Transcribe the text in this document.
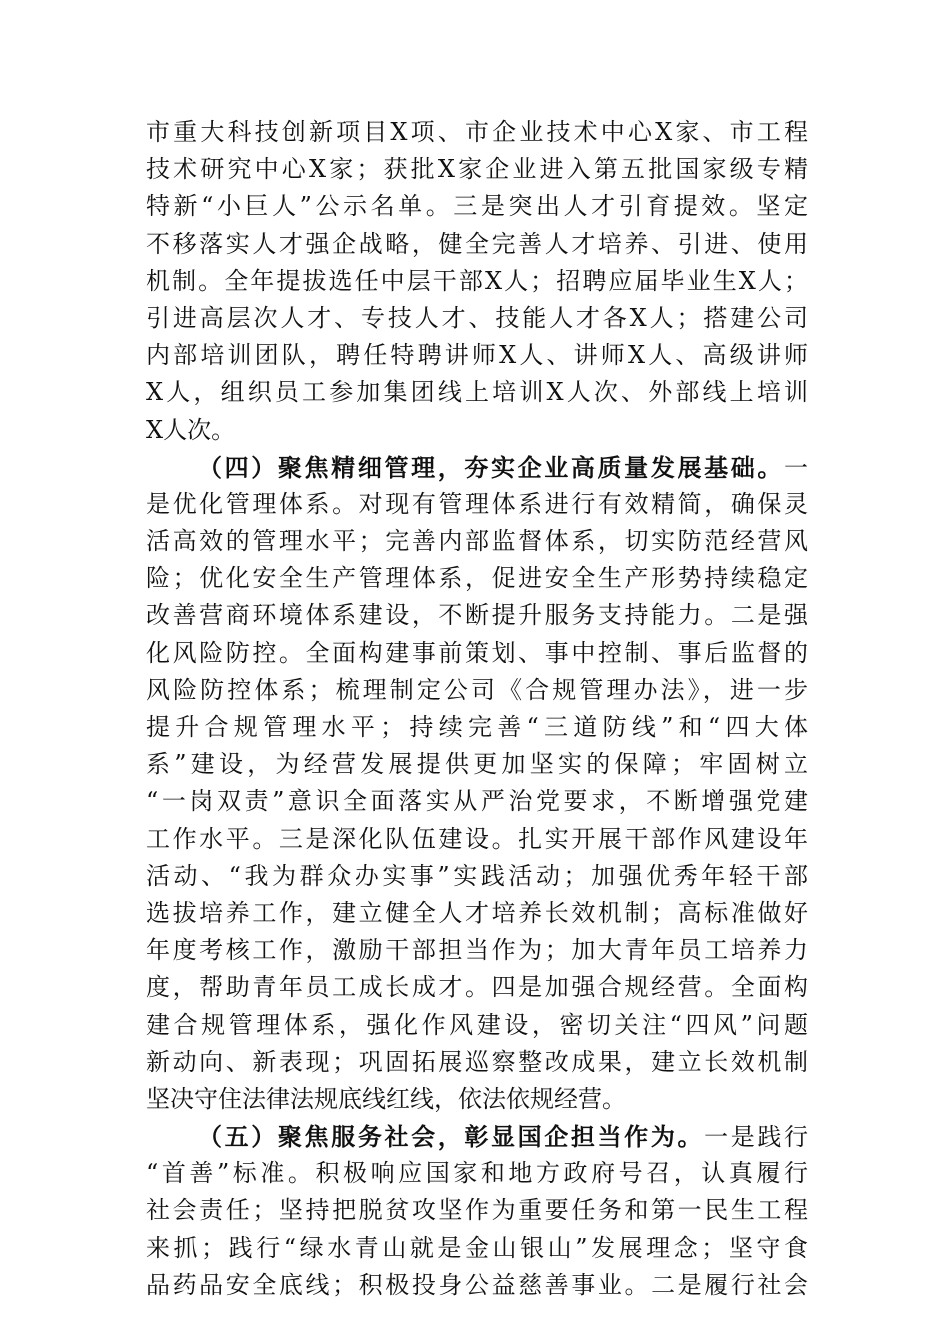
市重大科技创新项目X项、市企业技术中心X家、市工程
技术研究中心X家；获批X家企业进入第五批国家级专精
特新“小巨人”公示名单。三是突出人才引育提效。坚定
不移落实人才强企战略，健全完善人才培养、引进、使用
机制。全年提拔选任中层干部X人；招聘应届毕业生X人；
引进高层次人才、专技人才、技能人才各X人；搭建公司
内部培训团队，聘任特聘讲师X人、讲师X人、高级讲师
X人，组织员工参加集团线上培训X人次、外部线上培训
X人次。
（四）聚焦精细管理，夯实企业高质量发展基础。一
是优化管理体系。对现有管理体系进行有效精简，确保灵
活高效的管理水平；完善内部监督体系，切实防范经营风
险；优化安全生产管理体系，促进安全生产形势持续稳定
改善营商环境体系建设，不断提升服务支持能力。二是强
化风险防控。全面构建事前策划、事中控制、事后监督的
风险防控体系；梳理制定公司《合规管理办法》，进一步
提升合规管理水平；持续完善“三道防线”和“四大体
系”建设，为经营发展提供更加坚实的保障；牢固树立
“一岗双责”意识全面落实从严治党要求，不断增强党建
工作水平。三是深化队伍建设。扎实开展干部作风建设年
活动、“我为群众办实事”实践活动；加强优秀年轻干部
选拔培养工作，建立健全人才培养长效机制；高标准做好
年度考核工作，激励干部担当作为；加大青年员工培养力
度，帮助青年员工成长成才。四是加强合规经营。全面构
建合规管理体系，强化作风建设，密切关注“四风”问题
新动向、新表现；巩固拓展巡察整改成果，建立长效机制
坚决守住法律法规底线红线，依法依规经营。
（五）聚焦服务社会，彰显国企担当作为。一是践行
“首善”标准。积极响应国家和地方政府号召，认真履行
社会责任；坚持把脱贫攻坚作为重要任务和第一民生工程
来抓；践行“绿水青山就是金山银山”发展理念；坚守食
品药品安全底线；积极投身公益慈善事业。二是履行社会
